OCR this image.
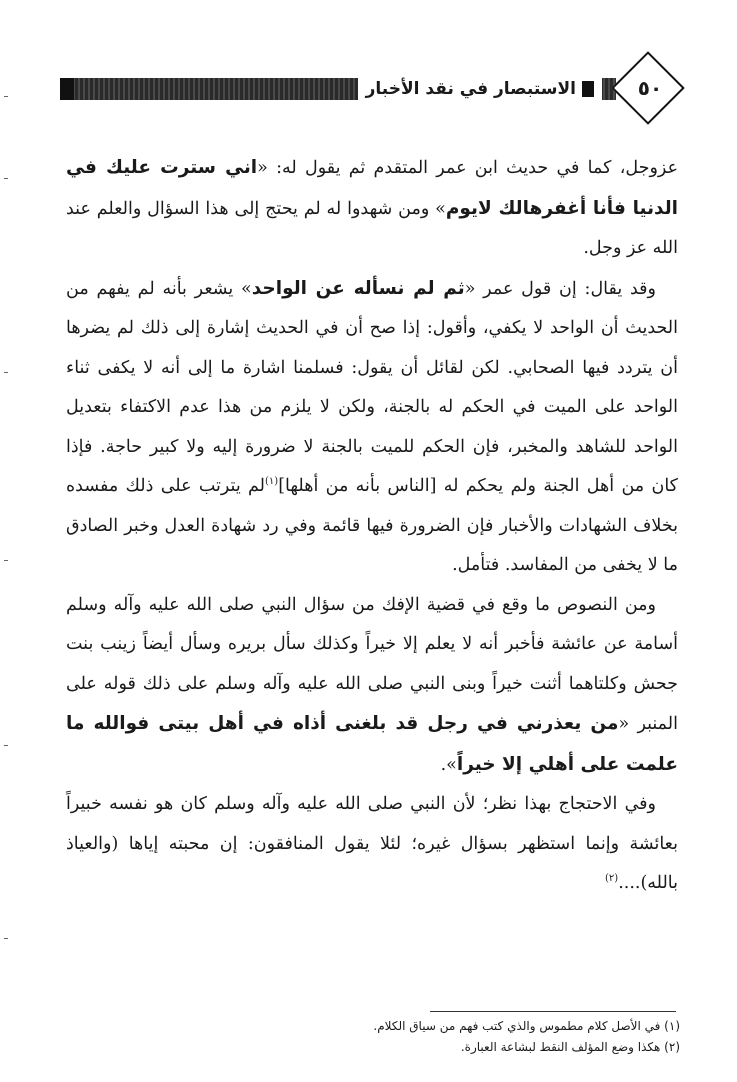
الاستبصار في نقد الأخبار	٥٠

عزوجل، كما في حديث ابن عمر المتقدم ثم يقول له: «اني سترت عليك في الدنيا فأنا أغفرهالك لايوم» ومن شهدوا له لم يحتج إلى هذا السؤال والعلم عند الله عز وجل.

وقد يقال: إن قول عمر «ثم لم نسأله عن الواحد» يشعر بأنه لم يفهم من الحديث أن الواحد لا يكفي، وأقول: إذا صح أن في الحديث إشارة إلى ذلك لم يضرها أن يتردد فيها الصحابي. لكن لقائل أن يقول: فسلمنا اشارة ما إلى أنه لا يكفى ثناء الواحد على الميت في الحكم له بالجنة، ولكن لا يلزم من هذا عدم الاكتفاء بتعديل الواحد للشاهد والمخبر، فإن الحكم للميت بالجنة لا ضرورة إليه ولا كبير حاجة. فإذا كان من أهل الجنة ولم يحكم له [الناس بأنه من أهلها]$^{(١)}$لم يترتب على ذلك مفسده بخلاف الشهادات والأخبار فإن الضرورة فيها قائمة وفي رد شهادة العدل وخبر الصادق ما لا يخفى من المفاسد. فتأمل.

ومن النصوص ما وقع في قضية الإفك من سؤال النبي صلى الله عليه وآله وسلم أسامة عن عائشة فأخبر أنه لا يعلم إلا خيراً وكذلك سأل بريره وسأل أيضاً زينب بنت جحش وكلتاهما أثنت خيراً وبنى النبي صلى الله عليه وآله وسلم على ذلك قوله على المنبر «من يعذرني في رجل قد بلغنى أذاه في أهل بيتى فوالله ما علمت على أهلي إلا خيراً».

وفي الاحتجاج بهذا نظر؛ لأن النبي صلى الله عليه وآله وسلم كان هو نفسه خبيراً بعائشة وإنما استظهر بسؤال غيره؛ لئلا يقول المنافقون: إن محبته إياها (والعياذ بالله)....$^{(٢)}$

(١) في الأصل كلام مطموس والذي كتب فهم من سياق الكلام.
(٢) هكذا وضع المؤلف النقط لبشاعة العبارة.
